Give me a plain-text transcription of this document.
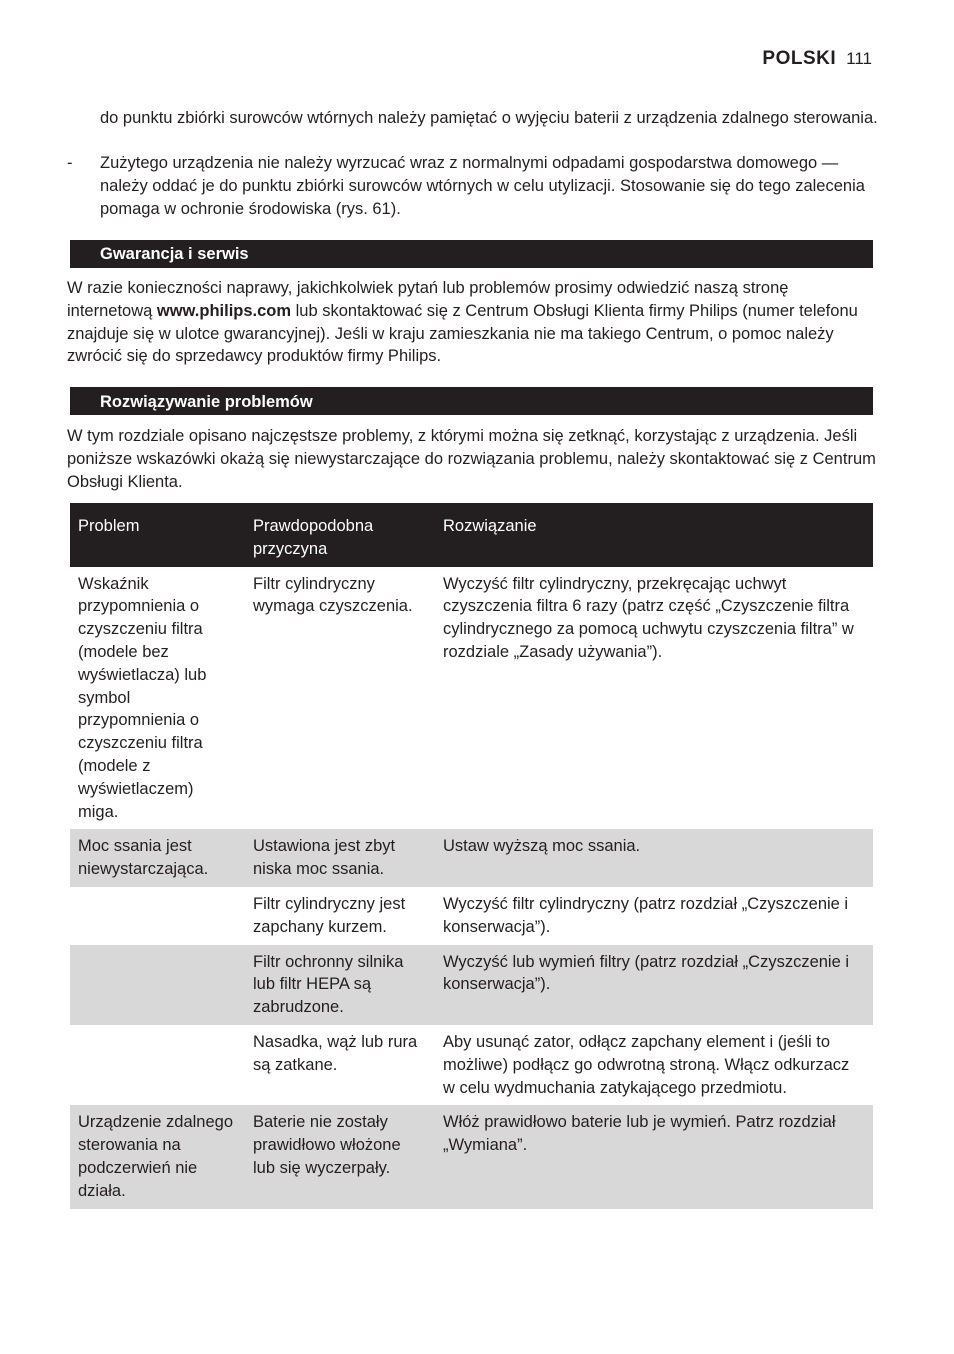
POLSKI 111

do punktu zbiórki surowców wtórnych należy pamiętać o wyjęciu baterii z urządzenia zdalnego sterowania.

- Zużytego urządzenia nie należy wyrzucać wraz z normalnymi odpadami gospodarstwa domowego — należy oddać je do punktu zbiórki surowców wtórnych w celu utylizacji. Stosowanie się do tego zalecenia pomaga w ochronie środowiska (rys. 61).

Gwarancja i serwis

W razie konieczności naprawy, jakichkolwiek pytań lub problemów prosimy odwiedzić naszą stronę internetową www.philips.com lub skontaktować się z Centrum Obsługi Klienta firmy Philips (numer telefonu znajduje się w ulotce gwarancyjnej). Jeśli w kraju zamieszkania nie ma takiego Centrum, o pomoc należy zwrócić się do sprzedawcy produktów firmy Philips.

Rozwiązywanie problemów

W tym rozdziale opisano najczęstsze problemy, z którymi można się zetknąć, korzystając z urządzenia. Jeśli poniższe wskazówki okażą się niewystarczające do rozwiązania problemu, należy skontaktować się z Centrum Obsługi Klienta.

Problem	Prawdopodobna przyczyna	Rozwiązanie
Wskaźnik przypomnienia o czyszczeniu filtra (modele bez wyświetlacza) lub symbol przypomnienia o czyszczeniu filtra (modele z wyświetlaczem) miga.	Filtr cylindryczny wymaga czyszczenia.	Wyczyść filtr cylindryczny, przekręcając uchwyt czyszczenia filtra 6 razy (patrz część „Czyszczenie filtra cylindrycznego za pomocą uchwytu czyszczenia filtra” w rozdziale „Zasady używania”).
Moc ssania jest niewystarczająca.	Ustawiona jest zbyt niska moc ssania.	Ustaw wyższą moc ssania.
	Filtr cylindryczny jest zapchany kurzem.	Wyczyść filtr cylindryczny (patrz rozdział „Czyszczenie i konserwacja”).
	Filtr ochronny silnika lub filtr HEPA są zabrudzone.	Wyczyść lub wymień filtry (patrz rozdział „Czyszczenie i konserwacja”).
	Nasadka, wąż lub rura są zatkane.	Aby usunąć zator, odłącz zapchany element i (jeśli to możliwe) podłącz go odwrotną stroną. Włącz odkurzacz w celu wydmuchania zatykającego przedmiotu.
Urządzenie zdalnego sterowania na podczerwień nie działa.	Baterie nie zostały prawidłowo włożone lub się wyczerpały.	Włóż prawidłowo baterie lub je wymień. Patrz rozdział „Wymiana”.
